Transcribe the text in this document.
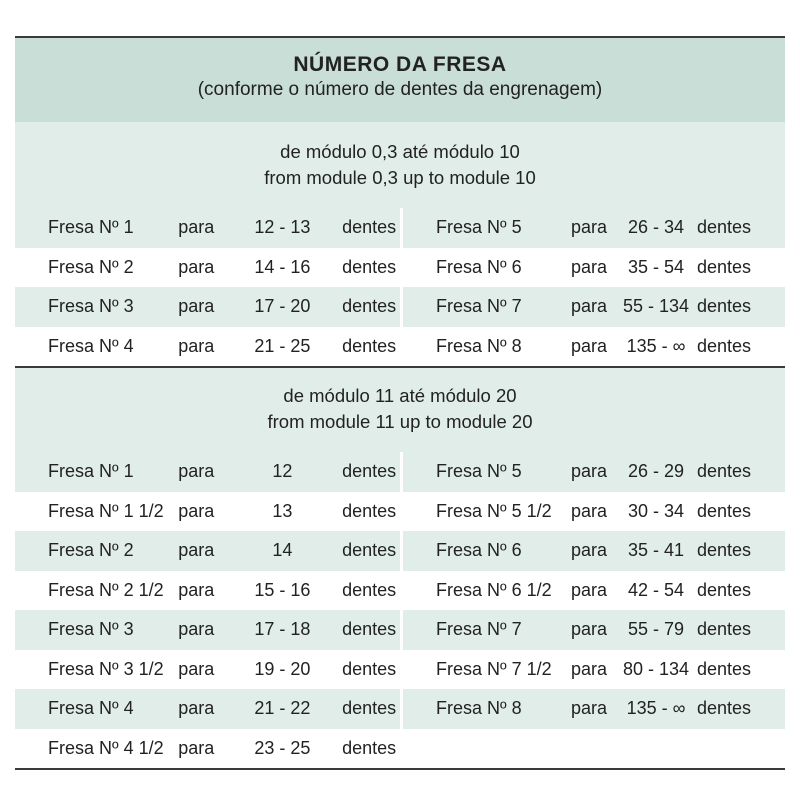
NÚMERO DA FRESA
(conforme o número de dentes da engrenagem)
de módulo 0,3 até módulo 10
from module 0,3 up to module 10
Fresa Nº 1	para	12 - 13	dentes Fresa Nº 5	para	26 - 34 dentes
Fresa Nº 2	para	14 - 16	dentes Fresa Nº 6	para	35 - 54 dentes
Fresa Nº 3	para	17 - 20	dentes Fresa Nº 7	para 55 - 134 dentes
Fresa Nº 4	para	21 - 25	dentes Fresa Nº 8	para	135 - ∞ dentes
de módulo 11 até módulo 20
from module 11 up to module 20
Fresa Nº 1	para	12	dentes Fresa Nº 5	para	26 - 29 dentes
Fresa Nº 1 1/2 para	13	dentes Fresa Nº 5 1/2	para	30 - 34 dentes
Fresa Nº 2	para	14	dentes Fresa Nº 6	para	35 - 41 dentes
Fresa Nº 2 1/2 para	15 - 16	dentes Fresa Nº 6 1/2	para	42 - 54 dentes
Fresa Nº 3	para	17 - 18	dentes Fresa Nº 7	para	55 - 79 dentes
Fresa Nº 3 1/2 para	19 - 20	dentes Fresa Nº 7 1/2	para 80 - 134 dentes
Fresa Nº 4	para	21 - 22	dentes Fresa Nº 8	para	135 - ∞ dentes
Fresa Nº 4 1/2 para	23 - 25	dentes
